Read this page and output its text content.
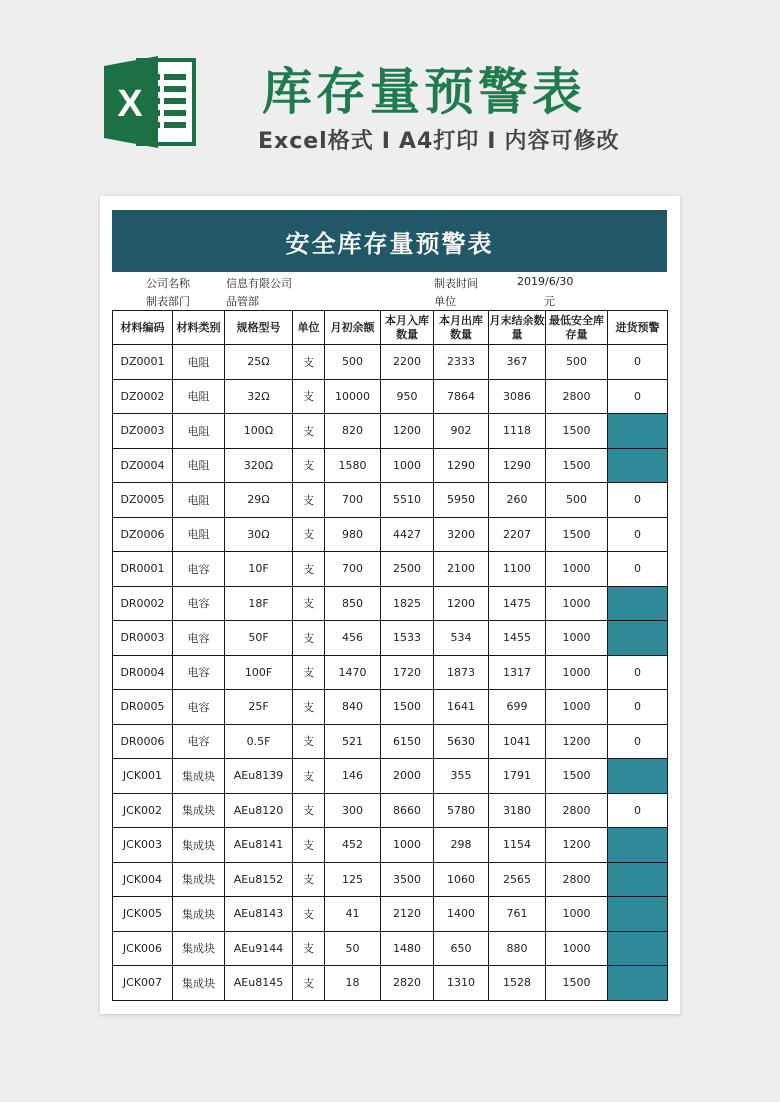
X 库存量预警表
Excel格式 I A4打印 I 内容可修改
安全库存量预警表
公司名称	信息有限公司	制表时间	2019/6/30
制表部门	品管部	单位	元
材料编码	材料类别	规格型号	单位	月初余额	本月入库数量	本月出库数量	月末结余数量	最低安全库存量	进货预警
DZ0001	电阻	25Ω	支	500	2200	2333	367	500	0
DZ0002	电阻	32Ω	支	10000	950	7864	3086	2800	0
DZ0003	电阻	100Ω	支	820	1200	902	1118	1500	
DZ0004	电阻	320Ω	支	1580	1000	1290	1290	1500	
DZ0005	电阻	29Ω	支	700	5510	5950	260	500	0
DZ0006	电阻	30Ω	支	980	4427	3200	2207	1500	0
DR0001	电容	10F	支	700	2500	2100	1100	1000	0
DR0002	电容	18F	支	850	1825	1200	1475	1000	
DR0003	电容	50F	支	456	1533	534	1455	1000	
DR0004	电容	100F	支	1470	1720	1873	1317	1000	0
DR0005	电容	25F	支	840	1500	1641	699	1000	0
DR0006	电容	0.5F	支	521	6150	5630	1041	1200	0
JCK001	集成块	AEu8139	支	146	2000	355	1791	1500	
JCK002	集成块	AEu8120	支	300	8660	5780	3180	2800	0
JCK003	集成块	AEu8141	支	452	1000	298	1154	1200	
JCK004	集成块	AEu8152	支	125	3500	1060	2565	2800	
JCK005	集成块	AEu8143	支	41	2120	1400	761	1000	
JCK006	集成块	AEu9144	支	50	1480	650	880	1000	
JCK007	集成块	AEu8145	支	18	2820	1310	1528	1500	
